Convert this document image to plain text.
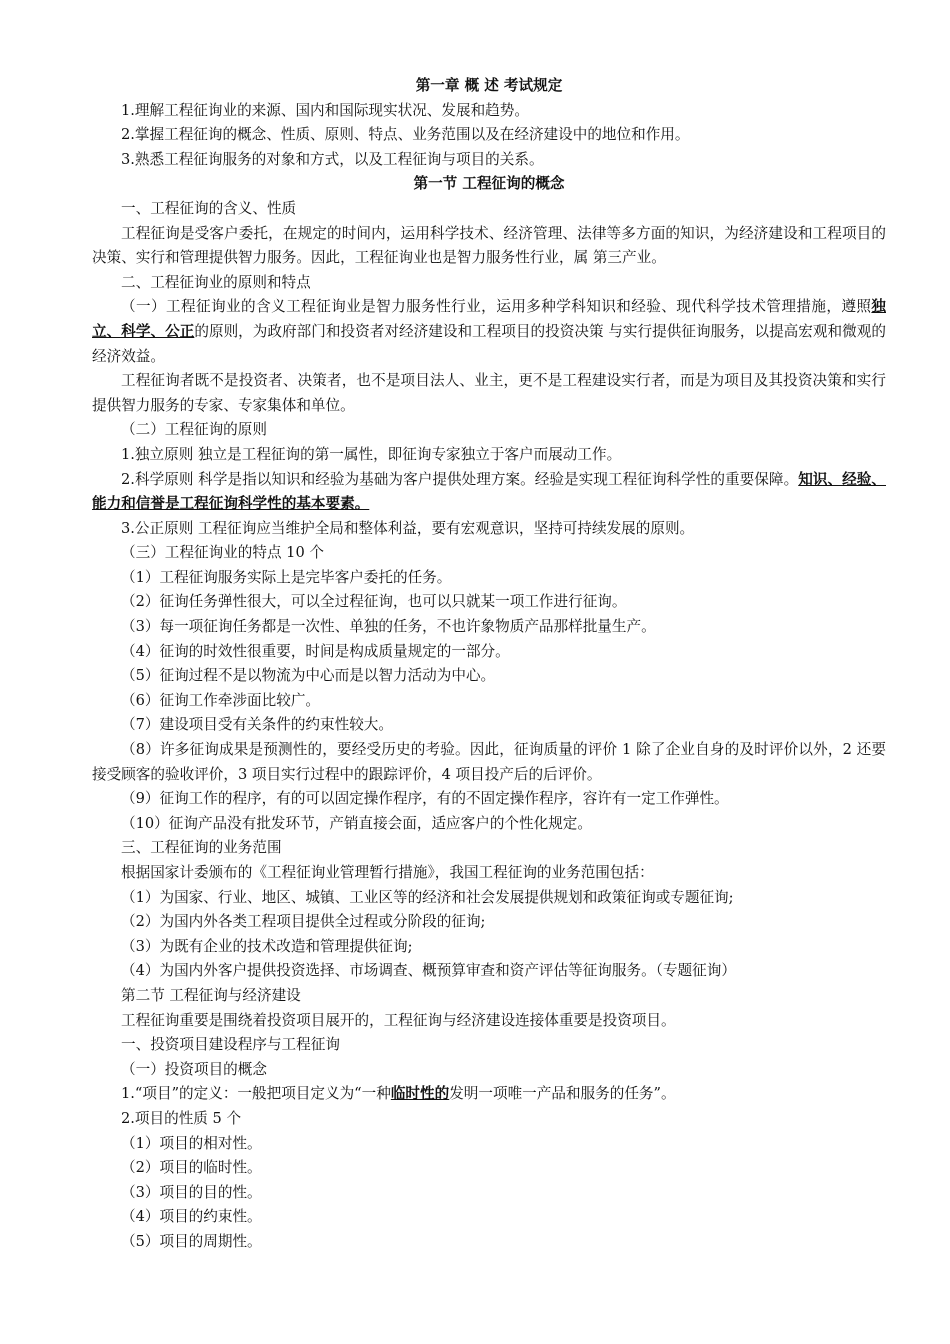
第一章 概 述 考试规定

1.理解工程征询业的来源、国内和国际现实状况、发展和趋势。

2.掌握工程征询的概念、性质、原则、特点、业务范围以及在经济建设中的地位和作用。

3.熟悉工程征询服务的对象和方式，以及工程征询与项目的关系。

第一节 工程征询的概念

一、工程征询的含义、性质

工程征询是受客户委托，在规定的时间内，运用科学技术、经济管理、法律等多方面的知识，为经济建设和工程项目的决策、实行和管理提供智力服务。因此，工程征询业也是智力服务性行业，属 第三产业。

二、工程征询业的原则和特点

（一）工程征询业的含义工程征询业是智力服务性行业，运用多种学科知识和经验、现代科学技术管理措施，遵照独立、科学、公正的原则，为政府部门和投资者对经济建设和工程项目的投资决策 与实行提供征询服务，以提高宏观和微观的经济效益。

工程征询者既不是投资者、决策者，也不是项目法人、业主，更不是工程建设实行者，而是为项目及其投资决策和实行提供智力服务的专家、专家集体和单位。

（二）工程征询的原则

1.独立原则 独立是工程征询的第一属性，即征询专家独立于客户而展动工作。

2.科学原则 科学是指以知识和经验为基础为客户提供处理方案。经验是实现工程征询科学性的重要保障。知识、经验、能力和信誉是工程征询科学性的基本要素。

3.公正原则 工程征询应当维护全局和整体利益，要有宏观意识，坚持可持续发展的原则。

（三）工程征询业的特点 10 个

（1）工程征询服务实际上是完毕客户委托的任务。

（2）征询任务弹性很大，可以全过程征询，也可以只就某一项工作进行征询。

（3）每一项征询任务都是一次性、单独的任务，不也许象物质产品那样批量生产。

（4）征询的时效性很重要，时间是构成质量规定的一部分。

（5）征询过程不是以物流为中心而是以智力活动为中心。

（6）征询工作牵涉面比较广。

（7）建设项目受有关条件的约束性较大。

（8）许多征询成果是预测性的，要经受历史的考验。因此，征询质量的评价 1 除了企业自身的及时评价以外，2 还要接受顾客的验收评价，3 项目实行过程中的跟踪评价，4 项目投产后的后评价。

（9）征询工作的程序，有的可以固定操作程序，有的不固定操作程序，容许有一定工作弹性。

（10）征询产品没有批发环节，产销直接会面，适应客户的个性化规定。

三、工程征询的业务范围

根据国家计委颁布的《工程征询业管理暂行措施》，我国工程征询的业务范围包括：

（1）为国家、行业、地区、城镇、工业区等的经济和社会发展提供规划和政策征询或专题征询;

（2）为国内外各类工程项目提供全过程或分阶段的征询;

（3）为既有企业的技术改造和管理提供征询;

（4）为国内外客户提供投资选择、市场调查、概预算审查和资产评估等征询服务。（专题征询）

第二节 工程征询与经济建设

工程征询重要是围绕着投资项目展开的，工程征询与经济建设连接体重要是投资项目。

一、投资项目建设程序与工程征询

（一）投资项目的概念

1.“项目”的定义：一般把项目定义为“一种临时性的发明一项唯一产品和服务的任务”。

2.项目的性质 5 个

（1）项目的相对性。

（2）项目的临时性。

（3）项目的目的性。

（4）项目的约束性。

（5）项目的周期性。
